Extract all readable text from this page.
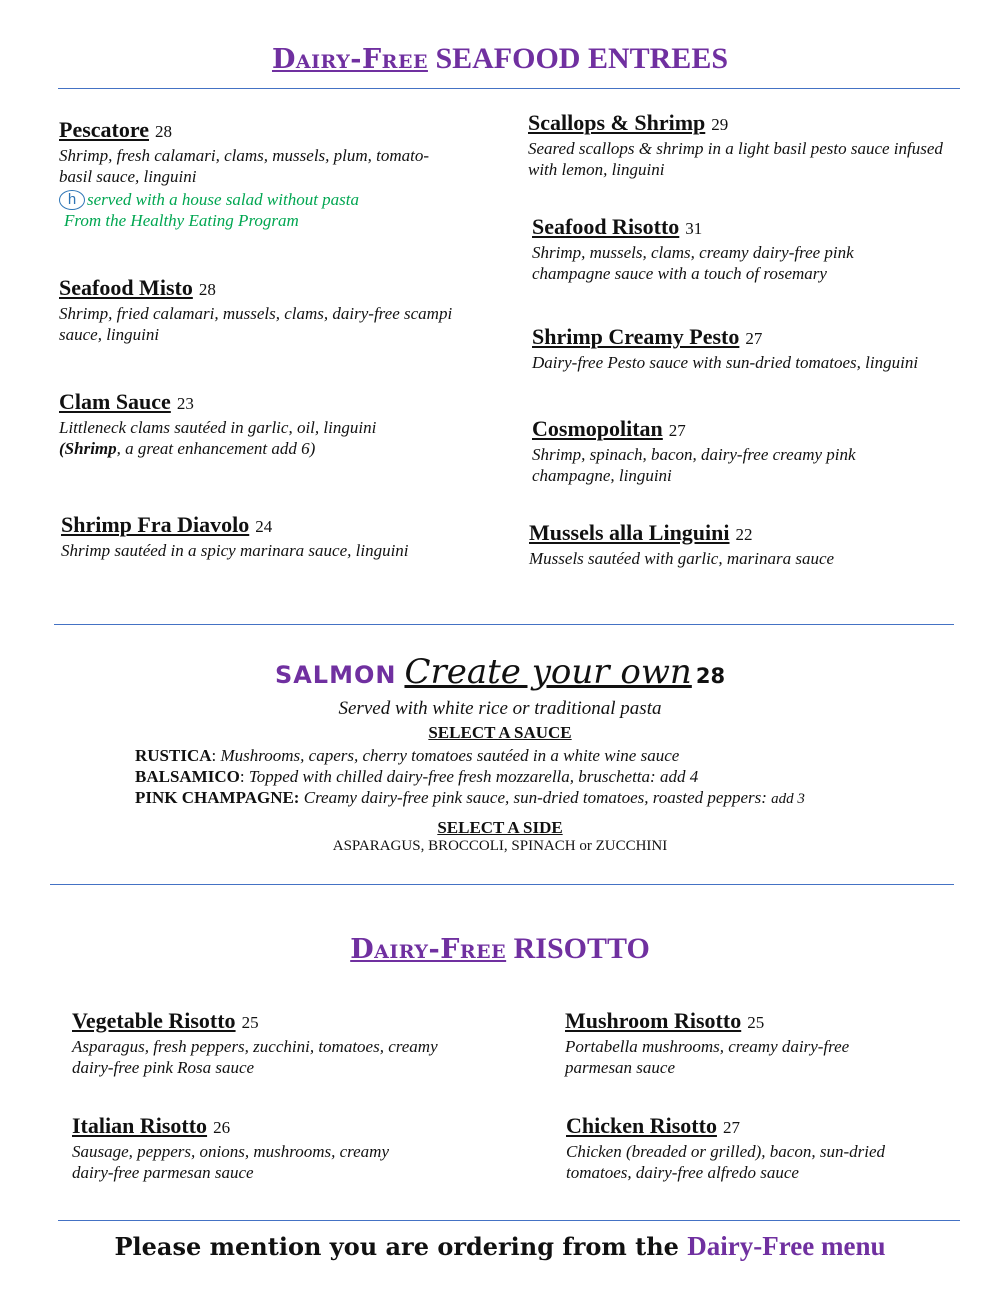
Dairy-Free SEAFOOD ENTREES
Pescatore 28
Shrimp, fresh calamari, clams, mussels, plum, tomato-basil sauce, linguini
h served with a house salad without pasta
From the Healthy Eating Program
Scallops & Shrimp 29
Seared scallops & shrimp in a light basil pesto sauce infused with lemon, linguini
Seafood Risotto 31
Shrimp, mussels, clams, creamy dairy-free pink champagne sauce with a touch of rosemary
Seafood Misto 28
Shrimp, fried calamari, mussels, clams, dairy-free scampi sauce, linguini	Shrimp Creamy Pesto 27
Dairy-free Pesto sauce with sun-dried tomatoes, linguini
Clam Sauce 23
Littleneck clams sautéed in garlic, oil, linguini
(Shrimp, a great enhancement add 6)
Cosmopolitan 27
Shrimp, spinach, bacon, dairy-free creamy pink champagne, linguini
Shrimp Fra Diavolo 24
Shrimp sautéed in a spicy marinara sauce, linguini
Mussels alla Linguini 22
Mussels sautéed with garlic, marinara sauce
SALMON Create your own 28
Served with white rice or traditional pasta
SELECT A SAUCE
RUSTICA: Mushrooms, capers, cherry tomatoes sautéed in a white wine sauce
BALSAMICO: Topped with chilled dairy-free fresh mozzarella, bruschetta: add 4
PINK CHAMPAGNE: Creamy dairy-free pink sauce, sun-dried tomatoes, roasted peppers: add 3
SELECT A SIDE
ASPARAGUS, BROCCOLI, SPINACH or ZUCCHINI
Dairy-Free RISOTTO
Vegetable Risotto 25
Asparagus, fresh peppers, zucchini, tomatoes, creamy dairy-free pink Rosa sauce
Mushroom Risotto 25
Portabella mushrooms, creamy dairy-free parmesan sauce
Italian Risotto 26
Sausage, peppers, onions, mushrooms, creamy dairy-free parmesan sauce
Chicken Risotto 27
Chicken (breaded or grilled), bacon, sun-dried tomatoes, dairy-free alfredo sauce
Please mention you are ordering from the Dairy-Free menu
